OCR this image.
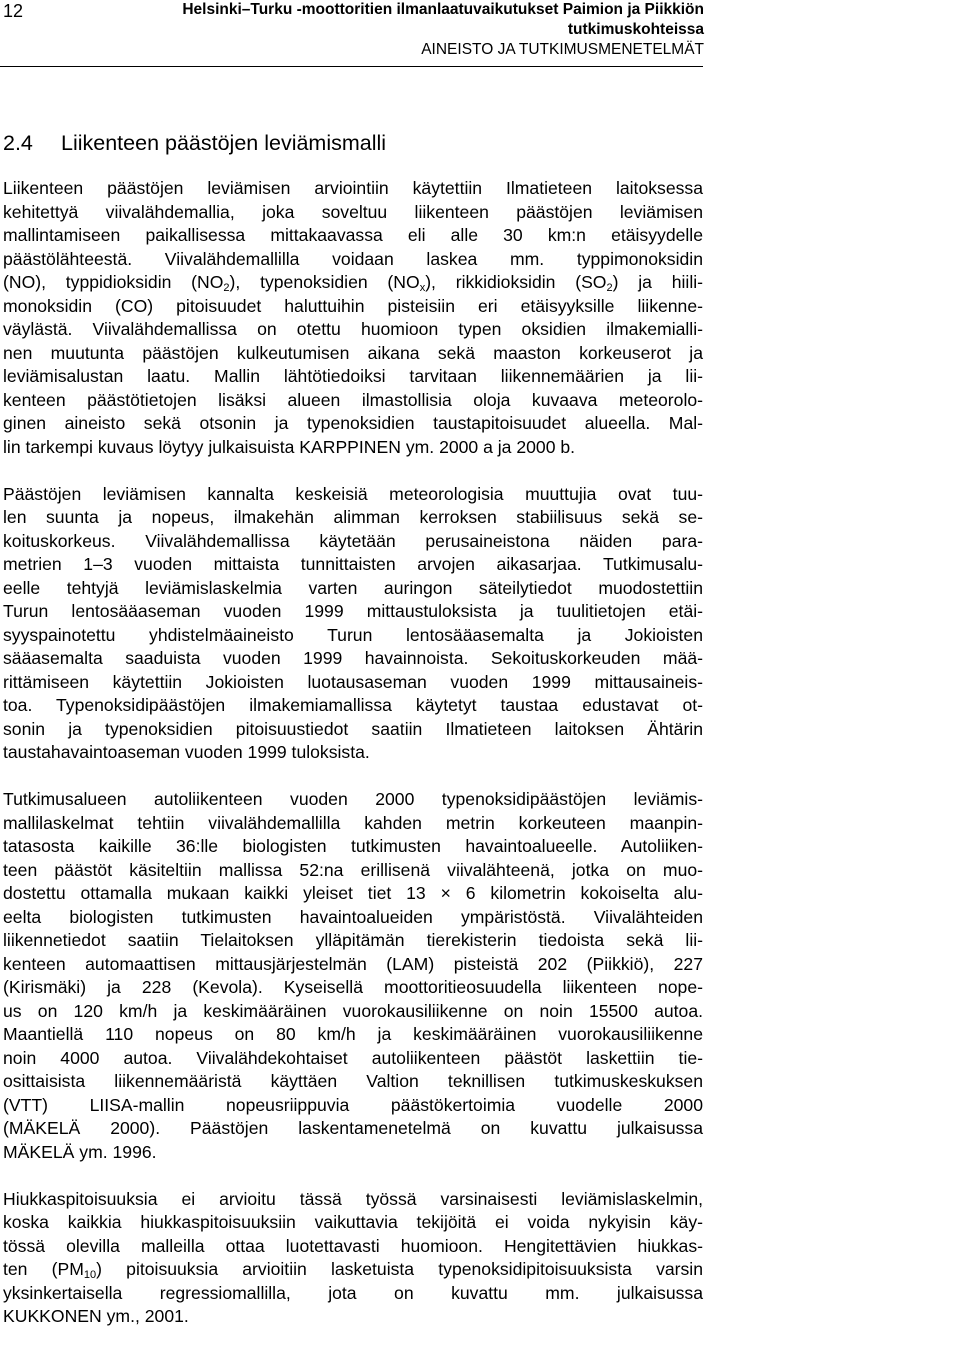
12	Helsinki–Turku -moottoritien ilmanlaatuvaikutukset Paimion ja Piikkiön
tutkimuskohteissa
AINEISTO JA TUTKIMUSMENETELMÄT
2.4 Liikenteen päästöjen leviämismalli

Liikenteen päästöjen leviämisen arviointiin käytettiin Ilmatieteen laitoksessa
kehitettyä viivalähdemallia, joka soveltuu liikenteen päästöjen leviämisen
mallintamiseen paikallisessa mittakaavassa eli alle 30 km:n etäisyydelle
päästölähteestä. Viivalähdemallilla voidaan laskea mm. typpimonoksidin
(NO), typpidioksidin $(NO_2)$, typenoksidien $(NO_x)$, rikkidioksidin $(SO_2)$ ja hiili-
monoksidin (CO) pitoisuudet haluttuihin pisteisiin eri etäisyyksille liikenne-
väylästä. Viivalähdemallissa on otettu huomioon typen oksidien ilmakemialli-
nen muutunta päästöjen kulkeutumisen aikana sekä maaston korkeuserot ja
leviämisalustan laatu. Mallin lähtötiedoiksi tarvitaan liikennemäärien ja lii-
kenteen päästötietojen lisäksi alueen ilmastollisia oloja kuvaava meteorolo-
ginen aineisto sekä otsonin ja typenoksidien taustapitoisuudet alueella. Mal-
lin tarkempi kuvaus löytyy julkaisuista KARPPINEN ym. 2000 a ja 2000 b.

Päästöjen leviämisen kannalta keskeisiä meteorologisia muuttujia ovat tuu-
len suunta ja nopeus, ilmakehän alimman kerroksen stabiilisuus sekä se-
koituskorkeus. Viivalähdemallissa käytetään perusaineistona näiden para-
metrien 1–3 vuoden mittaista tunnittaisten arvojen aikasarjaa. Tutkimusalu-
eelle tehtyjä leviämislaskelmia varten auringon säteilytiedot muodostettiin
Turun lentosääaseman vuoden 1999 mittaustuloksista ja tuulitietojen etäi-
syyspainotettu yhdistelmäaineisto Turun lentosääasemalta ja Jokioisten
sääasemalta saaduista vuoden 1999 havainnoista. Sekoituskorkeuden mää-
rittämiseen käytettiin Jokioisten luotausaseman vuoden 1999 mittausaineis-
toa. Typenoksidipäästöjen ilmakemiamallissa käytetyt taustaa edustavat ot-
sonin ja typenoksidien pitoisuustiedot saatiin Ilmatieteen laitoksen Ähtärin
taustahavaintoaseman vuoden 1999 tuloksista.

Tutkimusalueen autoliikenteen vuoden 2000 typenoksidipäästöjen leviämis-
mallilaskelmat tehtiin viivalähdemallilla kahden metrin korkeuteen maanpin-
tatasosta kaikille 36:lle biologisten tutkimusten havaintoalueelle. Autoliiken-
teen päästöt käsiteltiin mallissa 52:na erillisenä viivalähteenä, jotka on muo-
dostettu ottamalla mukaan kaikki yleiset tiet 13 × 6 kilometrin kokoiselta alu-
eelta biologisten tutkimusten havaintoalueiden ympäristöstä. Viivalähteiden
liikennetiedot saatiin Tielaitoksen ylläpitämän tierekisterin tiedoista sekä lii-
kenteen automaattisen mittausjärjestelmän (LAM) pisteistä 202 (Piikkiö), 227
(Kirismäki) ja 228 (Kevola). Kyseisellä moottoritieosuudella liikenteen nope-
us on 120 km/h ja keskimääräinen vuorokausiliikenne on noin 15500 autoa.
Maantiellä 110 nopeus on 80 km/h ja keskimääräinen vuorokausiliikenne
noin 4000 autoa. Viivalähdekohtaiset autoliikenteen päästöt laskettiin tie-
osittaisista liikennemääristä käyttäen Valtion teknillisen tutkimuskeskuksen
(VTT) LIISA-mallin nopeusriippuvia päästökertoimia vuodelle 2000
(MÄKELÄ 2000). Päästöjen laskentamenetelmä on kuvattu julkaisussa
MÄKELÄ ym. 1996.

Hiukkaspitoisuuksia ei arvioitu tässä työssä varsinaisesti leviämislaskelmin,
koska kaikkia hiukkaspitoisuuksiin vaikuttavia tekijöitä ei voida nykyisin käy-
tössä olevilla malleilla ottaa luotettavasti huomioon. Hengitettävien hiukkas-
ten $(PM_{10})$ pitoisuuksia arvioitiin lasketuista typenoksidipitoisuuksista varsin
yksinkertaisella regressiomallilla, jota on kuvattu mm. julkaisussa
KUKKONEN ym., 2001.
